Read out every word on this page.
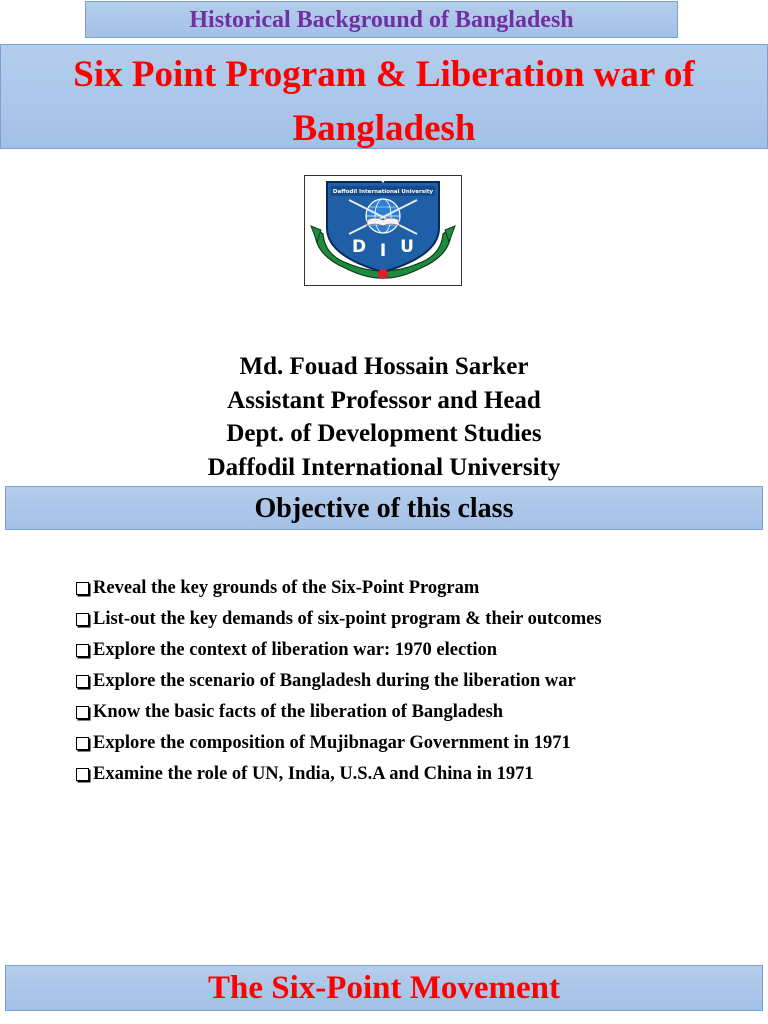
Historical Background of Bangladesh
Six Point Program & Liberation war of
Bangladesh
Daffodil International University
★
D I U
Md. Fouad Hossain Sarker
Assistant Professor and Head
Dept. of Development Studies
Daffodil International University
Objective of this class
Reveal the key grounds of the Six-Point Program
List-out the key demands of six-point program & their outcomes
Explore the context of liberation war: 1970 election
Explore the scenario of Bangladesh during the liberation war
Know the basic facts of the liberation of Bangladesh
Explore the composition of Mujibnagar Government in 1971
Examine the role of UN, India, U.S.A and China in 1971
The Six-Point Movement
